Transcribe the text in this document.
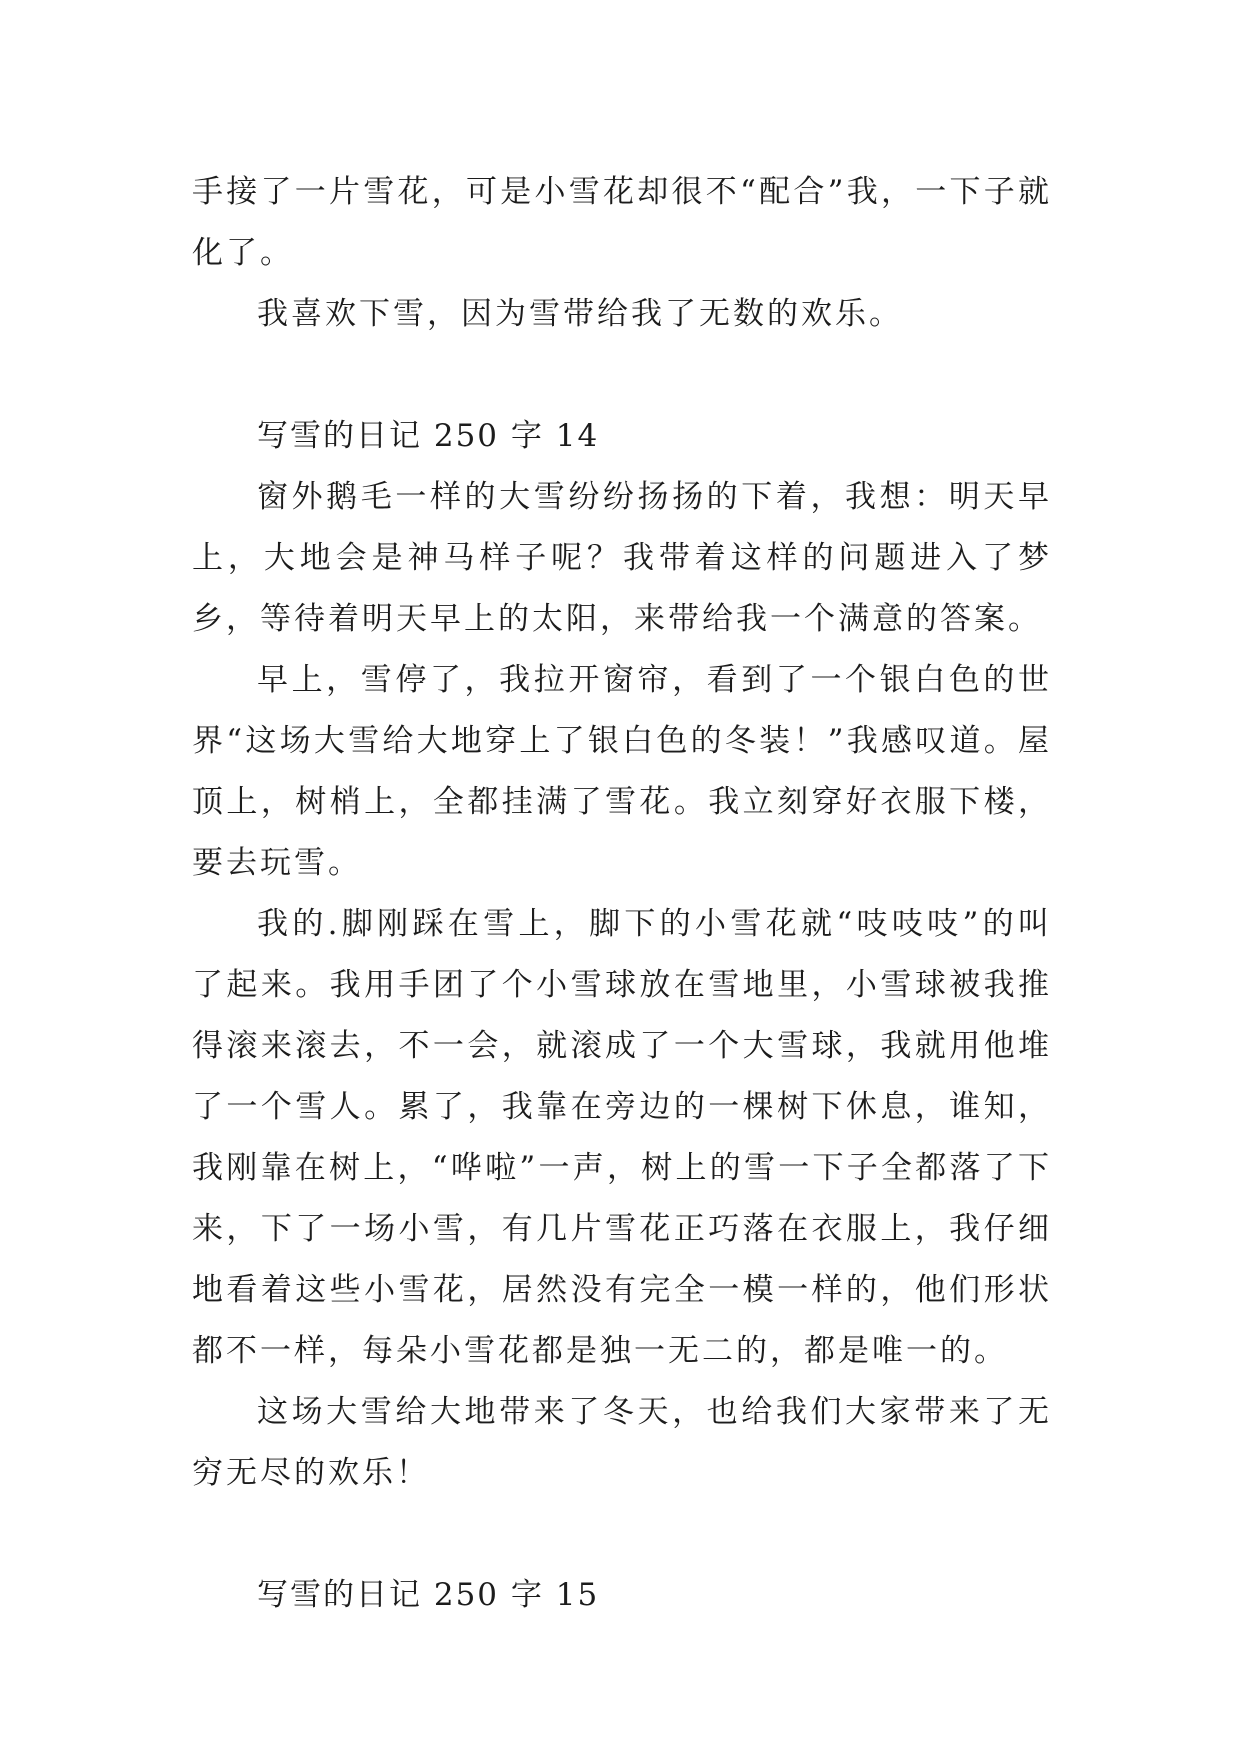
手接了一片雪花，可是小雪花却很不“配合”我，一下子就化了。

我喜欢下雪，因为雪带给我了无数的欢乐。

写雪的日记 250 字 14

窗外鹅毛一样的大雪纷纷扬扬的下着，我想：明天早上，大地会是神马样子呢？我带着这样的问题进入了梦乡，等待着明天早上的太阳，来带给我一个满意的答案。

早上，雪停了，我拉开窗帘，看到了一个银白色的世界“这场大雪给大地穿上了银白色的冬装！”我感叹道。屋顶上，树梢上，全都挂满了雪花。我立刻穿好衣服下楼，要去玩雪。

我的.脚刚踩在雪上，脚下的小雪花就“吱吱吱”的叫了起来。我用手团了个小雪球放在雪地里，小雪球被我推得滚来滚去，不一会，就滚成了一个大雪球，我就用他堆了一个雪人。累了，我靠在旁边的一棵树下休息，谁知，我刚靠在树上，“哗啦”一声，树上的雪一下子全都落了下来，下了一场小雪，有几片雪花正巧落在衣服上，我仔细地看着这些小雪花，居然没有完全一模一样的，他们形状都不一样，每朵小雪花都是独一无二的，都是唯一的。

这场大雪给大地带来了冬天，也给我们大家带来了无穷无尽的欢乐！

写雪的日记 250 字 15
